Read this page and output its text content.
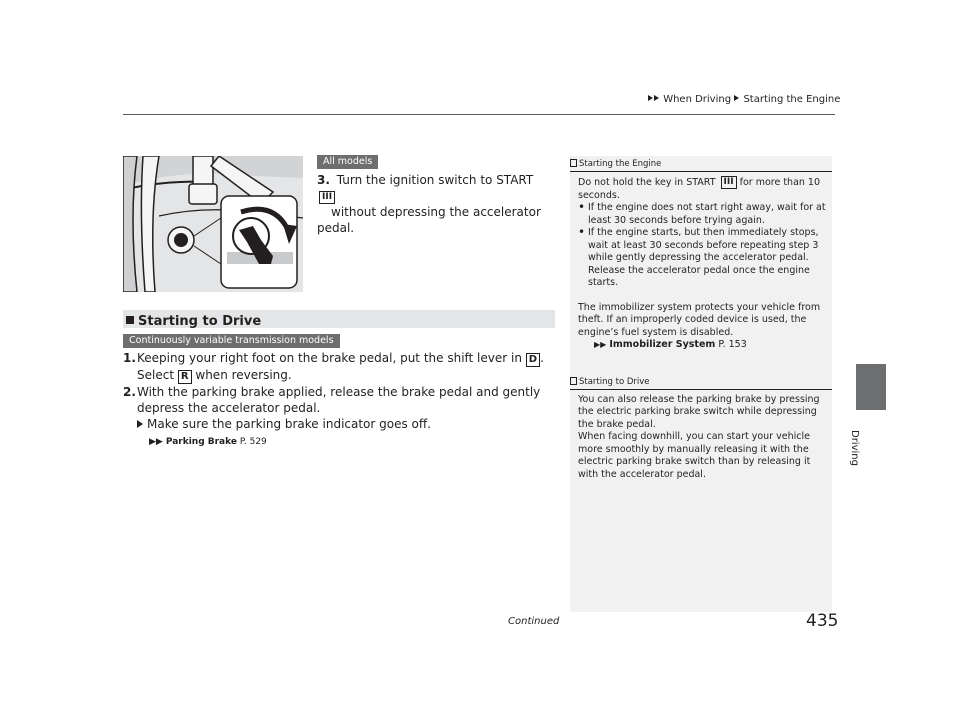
When Driving Starting the Engine
Driving
All models
3. Turn the ignition switch to START III
without depressing the accelerator pedal.
Starting to Drive
Continuously variable transmission models
1. Keeping your right foot on the brake pedal, put the shift lever in D . Select R when reversing.
2. With the parking brake applied, release the brake pedal and gently depress the accelerator pedal.
Make sure the parking brake indicator goes off.
▶▶ Parking Brake P. 529
Starting the Engine

Do not hold the key in START III for more than 10 seconds.

• If the engine does not start right away, wait for at least 30 seconds before trying again.

• If the engine starts, but then immediately stops, wait at least 30 seconds before repeating step 3 while gently depressing the accelerator pedal. Release the accelerator pedal once the engine starts.

The immobilizer system protects your vehicle from theft. If an improperly coded device is used, the engine’s fuel system is disabled.

▶▶ Immobilizer System P. 153

Starting to Drive

You can also release the parking brake by pressing the electric parking brake switch while depressing the brake pedal.

When facing downhill, you can start your vehicle more smoothly by manually releasing it with the electric parking brake switch than by releasing it with the accelerator pedal.

Continued	435
